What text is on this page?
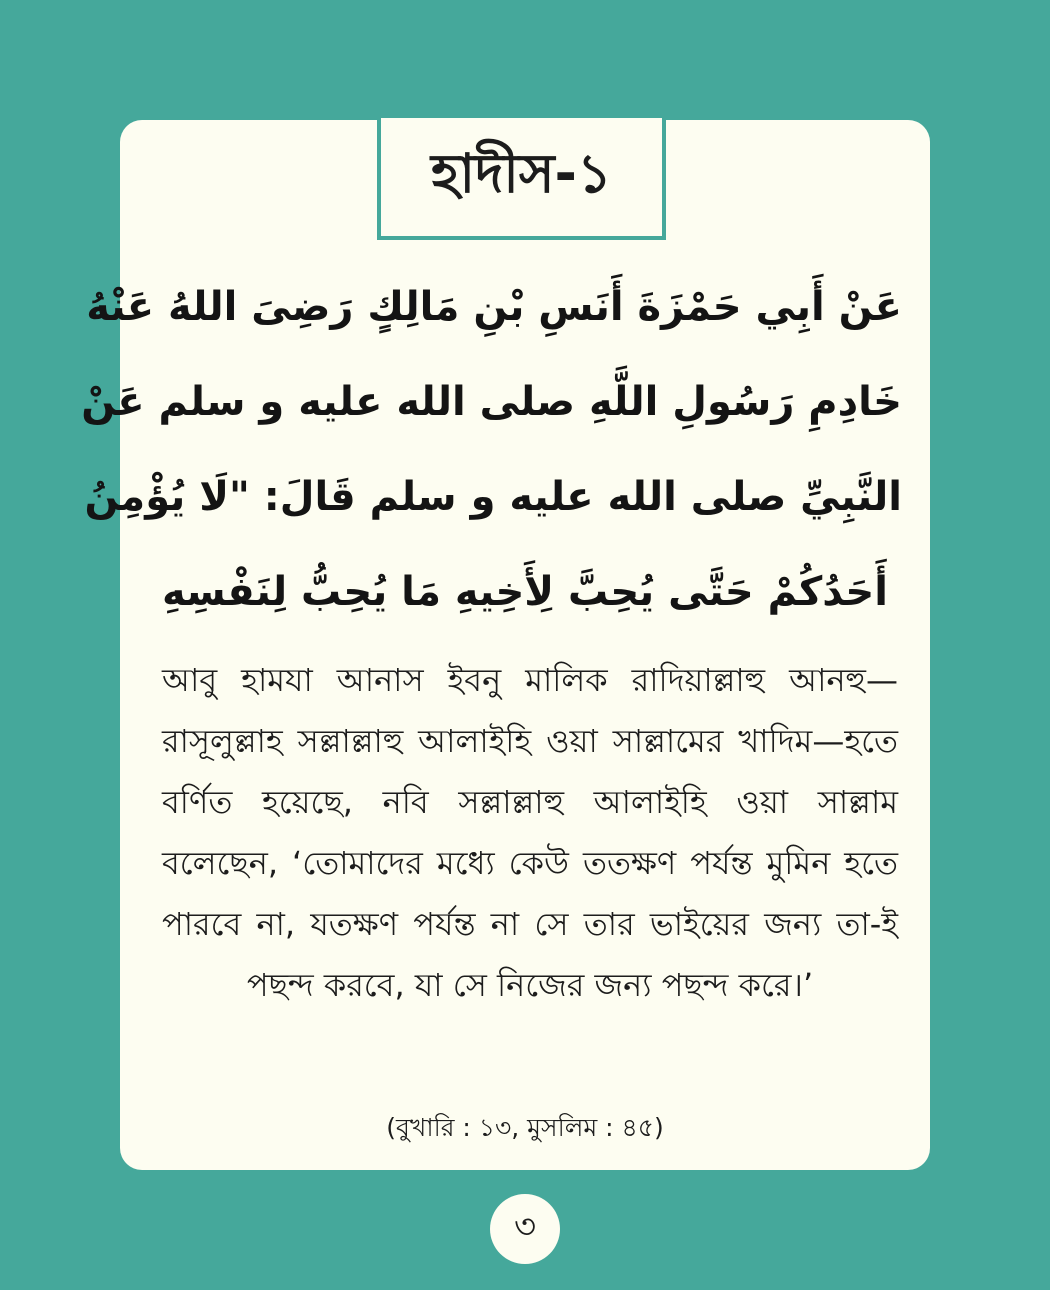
হাদীস-১
عَنْ أَبِي حَمْزَةَ أَنَسِ بْنِ مَالِكٍ رَضِىَ اللهُ عَنْهُ
خَادِمِ رَسُولِ اللَّهِ صلى الله عليه و سلم عَنْ
النَّبِيِّ صلى الله عليه و سلم قَالَ: "لَا يُؤْمِنُ
أَحَدُكُمْ حَتَّى يُحِبَّ لِأَخِيهِ مَا يُحِبُّ لِنَفْسِهِ
আবু হামযা আনাস ইবনু মালিক রাদিয়াল্লাহু আনহু—রাসূলুল্লাহ সল্লাল্লাহু আলাইহি ওয়া সাল্লামের খাদিম—হতে বর্ণিত হয়েছে, নবি সল্লাল্লাহু আলাইহি ওয়া সাল্লাম বলেছেন, ‘তোমাদের মধ্যে কেউ ততক্ষণ পর্যন্ত মুমিন হতে পারবে না, যতক্ষণ পর্যন্ত না সে তার ভাইয়ের জন্য তা-ই পছন্দ করবে, যা সে নিজের জন্য পছন্দ করে।’
(বুখারি : ১৩, মুসলিম : ৪৫)
৩
